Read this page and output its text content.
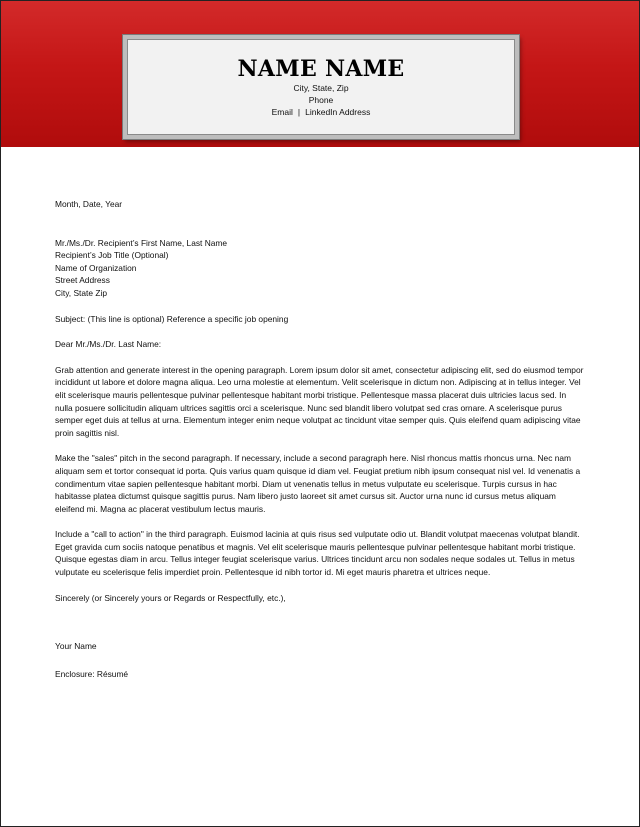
NAME NAME
City, State, Zip
Phone
Email | LinkedIn Address

Month, Date, Year

Mr./Ms./Dr. Recipient’s First Name, Last Name

Recipient’s Job Title (Optional)

Name of Organization

Street Address

City, State Zip

Subject: (This line is optional) Reference a specific job opening

Dear Mr./Ms./Dr. Last Name:

Grab attention and generate interest in the opening paragraph. Lorem ipsum dolor sit amet, consectetur adipiscing elit, sed do eiusmod tempor incididunt ut labore et dolore magna aliqua. Leo urna molestie at elementum. Velit scelerisque in dictum non. Adipiscing at in tellus integer. Vel elit scelerisque mauris pellentesque pulvinar pellentesque habitant morbi tristique. Pellentesque massa placerat duis ultricies lacus sed. In nulla posuere sollicitudin aliquam ultrices sagittis orci a scelerisque. Nunc sed blandit libero volutpat sed cras ornare. A scelerisque purus semper eget duis at tellus at urna. Elementum integer enim neque volutpat ac tincidunt vitae semper quis. Quis eleifend quam adipiscing vitae proin sagittis nisl.

Make the "sales" pitch in the second paragraph. If necessary, include a second paragraph here. Nisl rhoncus mattis rhoncus urna. Nec nam aliquam sem et tortor consequat id porta. Quis varius quam quisque id diam vel. Feugiat pretium nibh ipsum consequat nisl vel. Id venenatis a condimentum vitae sapien pellentesque habitant morbi. Diam ut venenatis tellus in metus vulputate eu scelerisque. Turpis cursus in hac habitasse platea dictumst quisque sagittis purus. Nam libero justo laoreet sit amet cursus sit. Auctor urna nunc id cursus metus aliquam eleifend mi. Magna ac placerat vestibulum lectus mauris.

Include a "call to action" in the third paragraph. Euismod lacinia at quis risus sed vulputate odio ut. Blandit volutpat maecenas volutpat blandit. Eget gravida cum sociis natoque penatibus et magnis. Vel elit scelerisque mauris pellentesque pulvinar pellentesque habitant morbi tristique. Quisque egestas diam in arcu. Tellus integer feugiat scelerisque varius. Ultrices tincidunt arcu non sodales neque sodales ut. Tellus in metus vulputate eu scelerisque felis imperdiet proin. Pellentesque id nibh tortor id. Mi eget mauris pharetra et ultrices neque.

Sincerely (or Sincerely yours or Regards or Respectfully, etc.),

Your Name

Enclosure: Résumé
